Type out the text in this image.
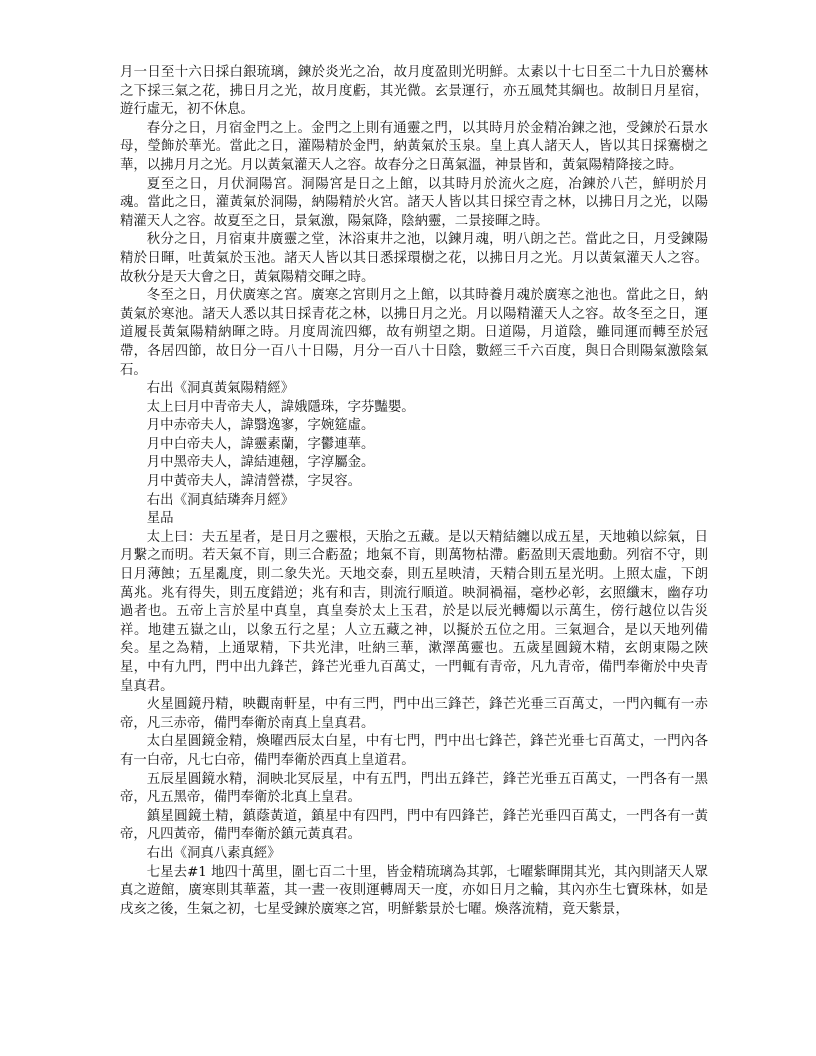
月一日至十六日採白銀琉璃，鍊於炎光之冶，故月度盈則光明鮮。太素以十七日至二十九日於騫林之下採三氣之花，拂日月之光，故月度虧，其光微。玄景運行，亦五風梵其綱也。故制日月星宿，遊行虛无，初不休息。

春分之日，月宿金門之上。金門之上則有通靈之門，以其時月於金精冶鍊之池，受鍊於石景水母，瑩飾於華光。當此之日，灌陽精於金門，納黃氣於玉泉。皇上真人諸天人，皆以其日採騫樹之華，以拂月月之光。月以黃氣灌天人之容。故春分之日萬氣溫，神景皆和，黃氣陽精降接之時。

夏至之日，月伏洞陽宮。洞陽宮是日之上館，以其時月於流火之庭，冶鍊於八芒，鮮明於月魂。當此之日，灌黃氣於洞陽，納陽精於火宮。諸天人皆以其日採空青之林，以拂日月之光，以陽精灌天人之容。故夏至之日，景氣激，陽氣降，陰納靈，二景接暉之時。

秋分之日，月宿東井廣靈之堂，沐浴東井之池，以鍊月魂，明八朗之芒。當此之日，月受鍊陽精於日暉，吐黃氣於玉池。諸天人皆以其日悉採環樹之花，以拂日月之光。月以黃氣灌天人之容。故秋分是天大會之日，黃氣陽精交暉之時。

冬至之日，月伏廣寒之宮。廣寒之宮則月之上館，以其時養月魂於廣寒之池也。當此之日，納黃氣於寒池。諸天人悉以其日採青花之林，以拂日月之光。月以陽精灌天人之容。故冬至之日，運道履長黃氣陽精納暉之時。月度周流四鄉，故有朔望之期。日道陽，月道陰，雖同運而轉至於冠帶，各居四節，故日分一百八十日陽，月分一百八十日陰，數經三千六百度，與日合則陽氣激陰氣石。

右出《洞真黃氣陽精經》

太上曰月中青帝夫人，諱娥隱珠，字芬豔嬰。

月中赤帝夫人，諱翳逸寥，字婉筵虛。

月中白帝夫人，諱靈素蘭，字鬱連華。

月中黑帝夫人，諱結連翹，字淳屬金。

月中黃帝夫人，諱清營襟，字炅容。

右出《洞真結璘奔月經》

星品

太上曰：夫五星者，是日月之靈根，天胎之五藏。是以天精結纏以成五星，天地賴以綜氣，日月繫之而明。若天氣不肓，則三合虧盈；地氣不肓，則萬物枯滯。虧盈則天震地動。列宿不守，則日月薄蝕；五星亂度，則二象失光。天地交泰，則五星映清，天精合則五星光明。上照太虛，下朗萬兆。兆有得失，則五度錯逆；兆有和吉，則流行順道。映洞禍福，毫杪必彰，玄照纖末，幽存功過者也。五帝上言於星中真皇，真皇奏於太上玉君，於是以辰光轉燭以示萬生，傍行越位以告災祥。地建五嶽之山，以象五行之星；人立五藏之神，以擬於五位之用。三氣迴合，是以天地列備矣。星之為精，上通眾精，下共光津，吐納三華，漱澤萬靈也。五歲星圓鏡木精，玄朗東陽之陜星，中有九門，門中出九鋒芒，鋒芒光垂九百萬丈，一門輒有青帝，凡九青帝，備門奉衛於中央青皇真君。

火星圓鏡丹精，映觀南軒星，中有三門，門中出三鋒芒，鋒芒光垂三百萬丈，一門內輒有一赤帝，凡三赤帝，備門奉衛於南真上皇真君。

太白星圓鏡金精，煥曜西辰太白星，中有七門，門中出七鋒芒，鋒芒光垂七百萬丈，一門內各有一白帝，凡七白帝，備門奉衛於西真上皇道君。

五辰星圓鏡水精，洞映北冥辰星，中有五門，門出五鋒芒，鋒芒光垂五百萬丈，一門各有一黑帝，凡五黑帝，備門奉衛於北真上皇君。

鎮星圓鏡土精，鎮蔭黃道，鎮星中有四門，門中有四鋒芒，鋒芒光垂四百萬丈，一門各有一黃帝，凡四黃帝，備門奉衛於鎮元黃真君。

右出《洞真八素真經》

七星去#1 地四十萬里，圍七百二十里，皆金精琉璃為其郭，七曜紫暉開其光，其內則諸天人眾真之遊館，廣寒則其華蓋，其一晝一夜則運轉周天一度，亦如日月之輪，其內亦生七寶珠林，如是戌亥之後，生氣之初，七星受鍊於廣寒之宮，明鮮紫景於七曜。煥落流精，竟天紫景，
